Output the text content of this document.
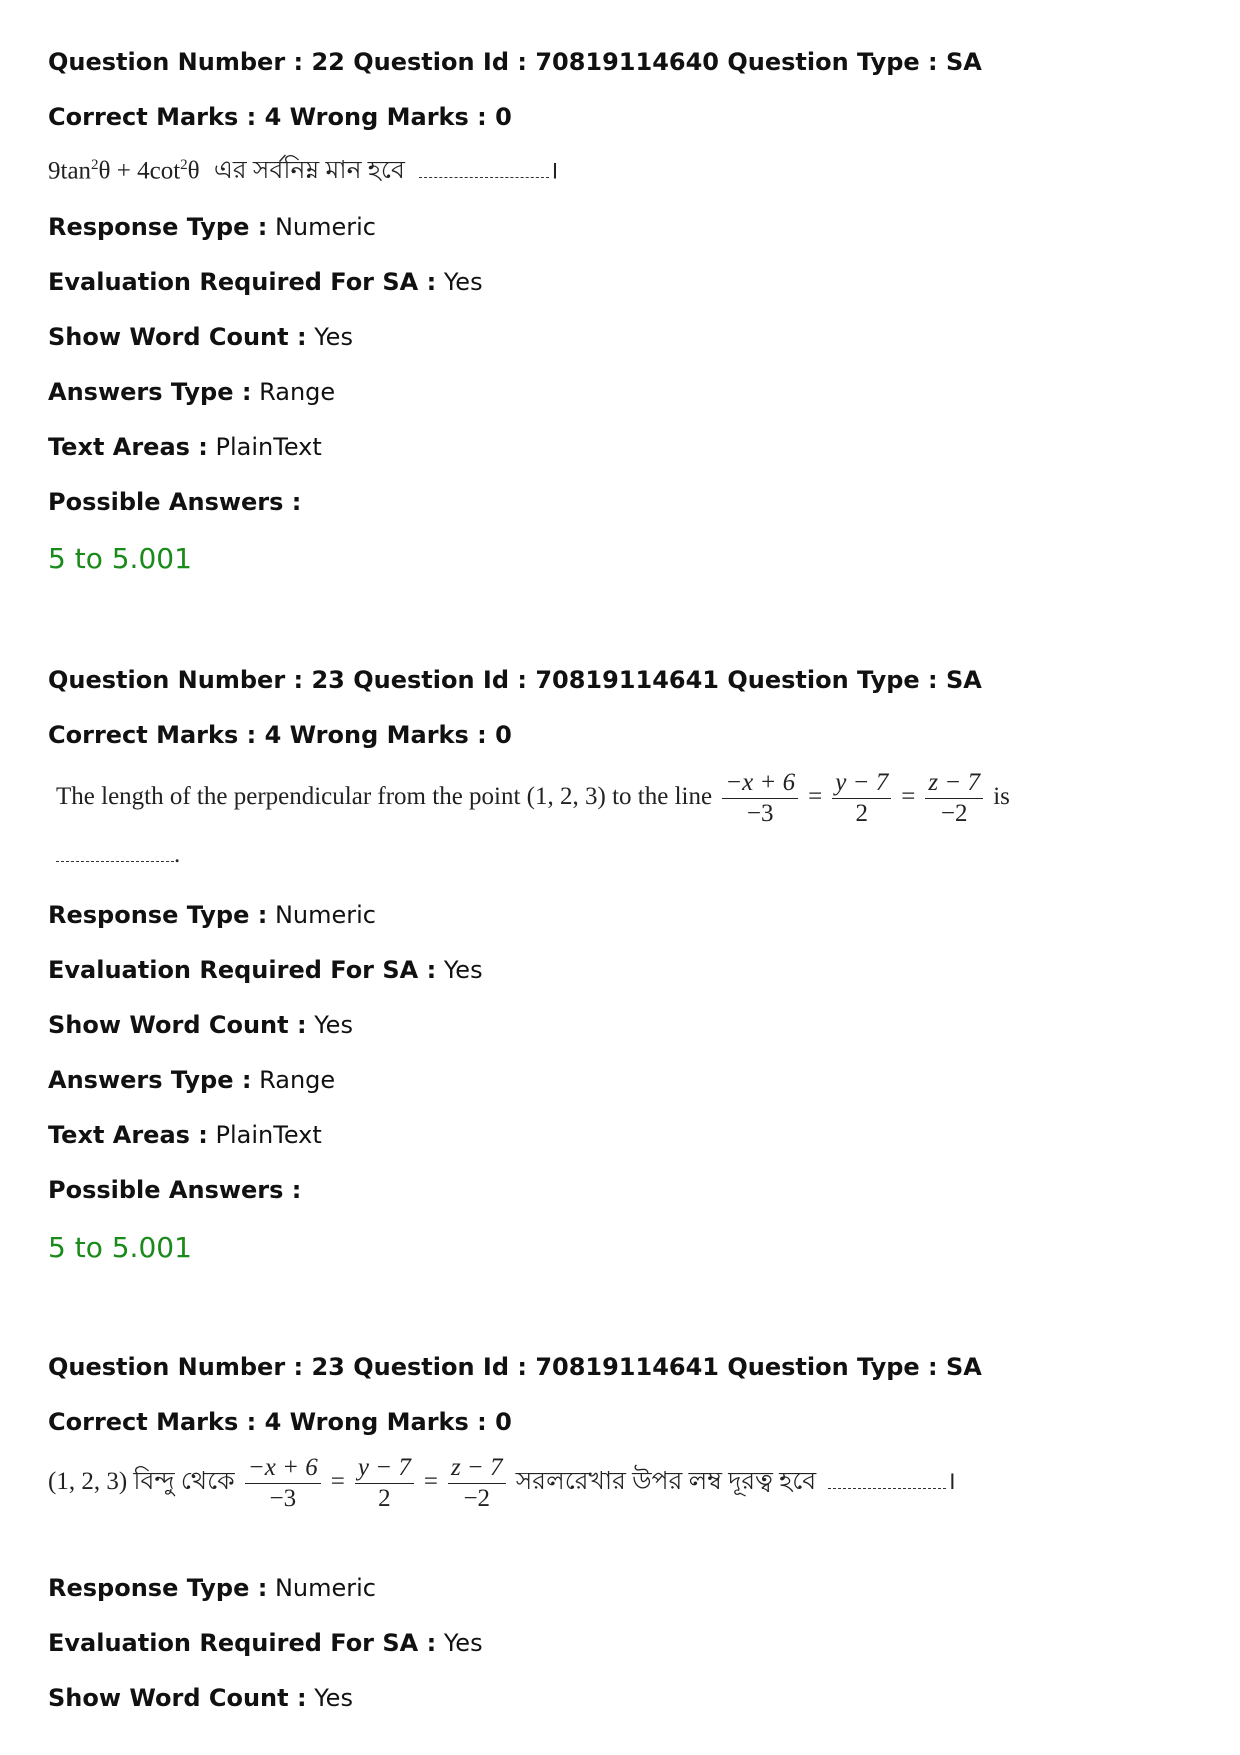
Question Number : 22 Question Id : 70819114640 Question Type : SA
Correct Marks : 4 Wrong Marks : 0
$9\tan^2\theta + 4\cot^2\theta$ এর সর্বনিম্ন মান হবে	।
Response Type : Numeric
Evaluation Required For SA : Yes
Show Word Count : Yes
Answers Type : Range
Text Areas : PlainText
Possible Answers :
5 to 5.001
Question Number : 23 Question Id : 70819114641 Question Type : SA
Correct Marks : 4 Wrong Marks : 0
The length of the perpendicular from the point (1, 2, 3) to the line $\frac{-x + 6}{-3} = \frac{y - 7}{2} = \frac{z - 7}{-2}$ is
.
Response Type : Numeric
Evaluation Required For SA : Yes
Show Word Count : Yes
Answers Type : Range
Text Areas : PlainText
Possible Answers :
5 to 5.001
Question Number : 23 Question Id : 70819114641 Question Type : SA
Correct Marks : 4 Wrong Marks : 0
(1, 2, 3) বিন্দু থেকে $\frac{-x + 6}{-3} = \frac{y - 7}{2} = \frac{z - 7}{-2}$ সরলরেখার উপর লম্ব দূরত্ব হবে	।
Response Type : Numeric
Evaluation Required For SA : Yes
Show Word Count : Yes
